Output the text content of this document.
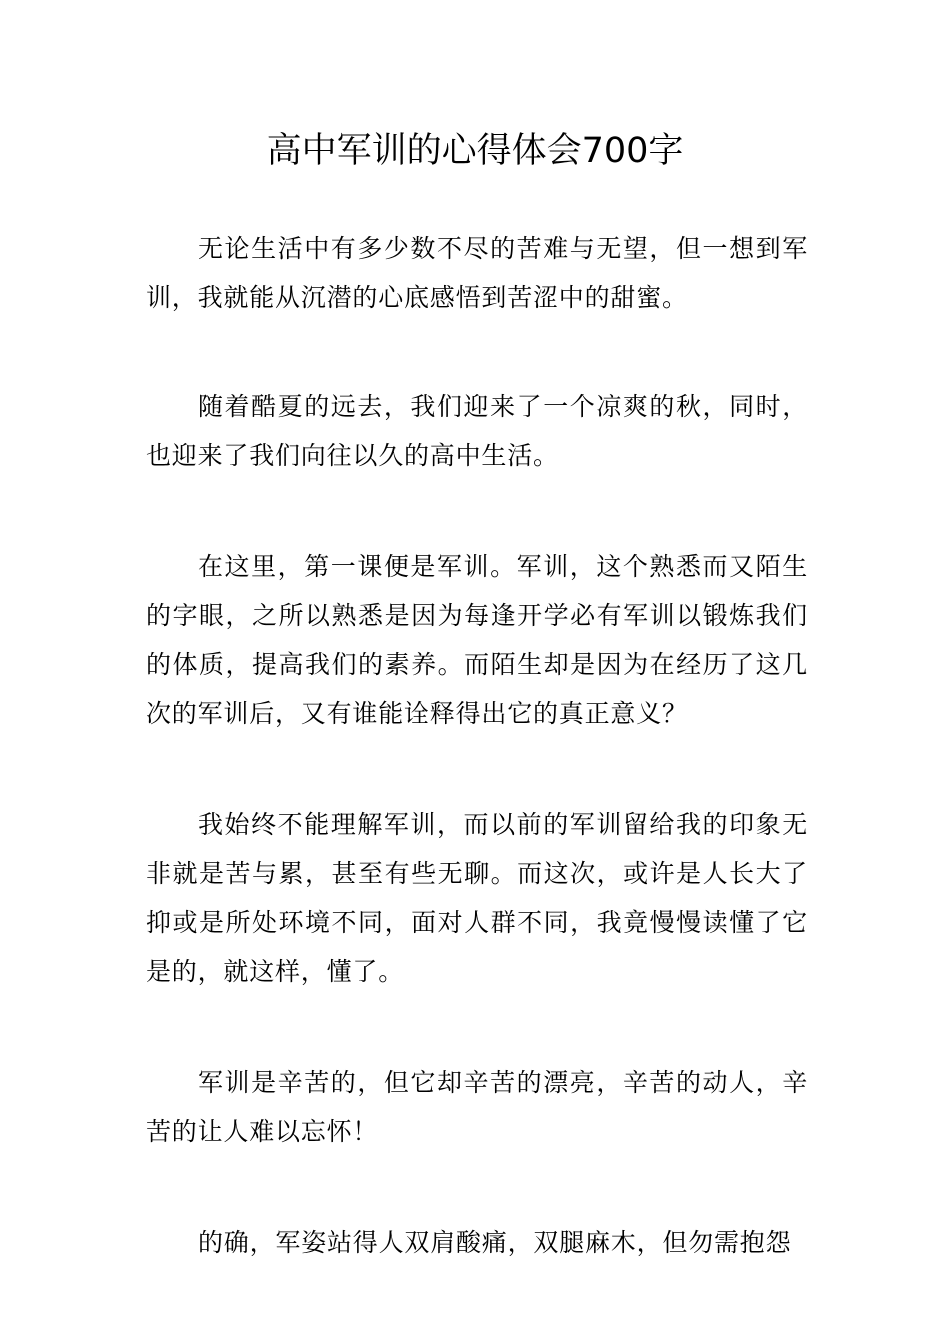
高中军训的心得体会700字

无论生活中有多少数不尽的苦难与无望，但一想到军训，我就能从沉潜的心底感悟到苦涩中的甜蜜。

随着酷夏的远去，我们迎来了一个凉爽的秋，同时，也迎来了我们向往以久的高中生活。

在这里，第一课便是军训。军训，这个熟悉而又陌生的字眼，之所以熟悉是因为每逢开学必有军训以锻炼我们的体质，提高我们的素养。而陌生却是因为在经历了这几次的军训后，又有谁能诠释得出它的真正意义？

我始终不能理解军训，而以前的军训留给我的印象无非就是苦与累，甚至有些无聊。而这次，或许是人长大了抑或是所处环境不同，面对人群不同，我竟慢慢读懂了它是的，就这样，懂了。

军训是辛苦的，但它却辛苦的漂亮，辛苦的动人，辛苦的让人难以忘怀！

的确，军姿站得人双肩酸痛，双腿麻木，但勿需抱怨
